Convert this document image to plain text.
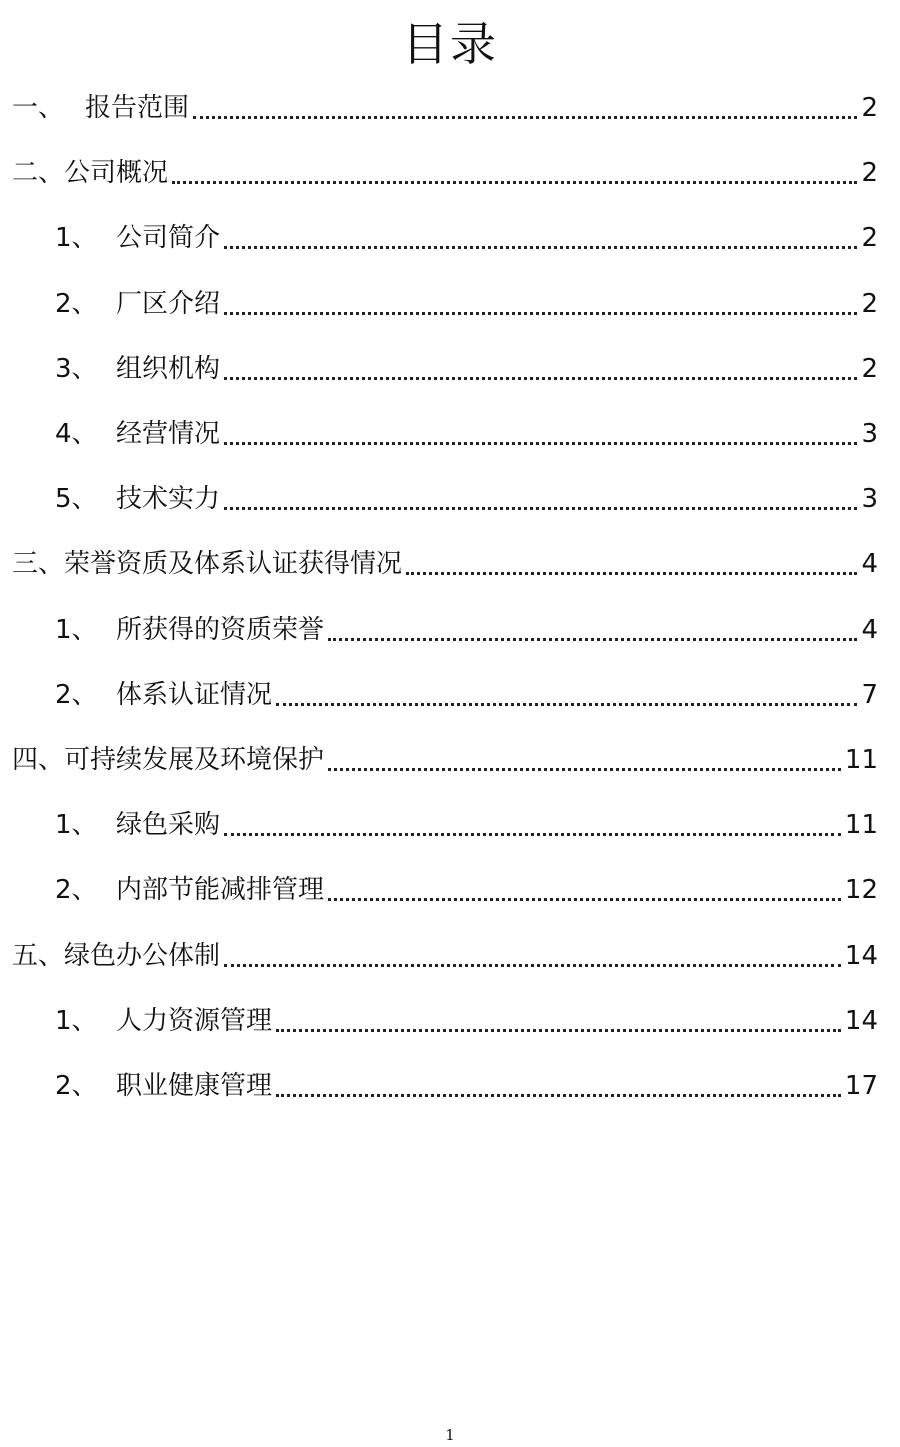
目录
一、 报告范围	2
二、 公司概况	2
1、 公司简介	2
2、 厂区介绍	2
3、 组织机构	2
4、 经营情况	3
5、 技术实力	3
三、 荣誉资质及体系认证获得情况	4
1、 所获得的资质荣誉	4
2、 体系认证情况	7
四、 可持续发展及环境保护	11
1、 绿色采购	11
2、 内部节能减排管理	12
五、 绿色办公体制	14
1、 人力资源管理	14
2、 职业健康管理	17
1
